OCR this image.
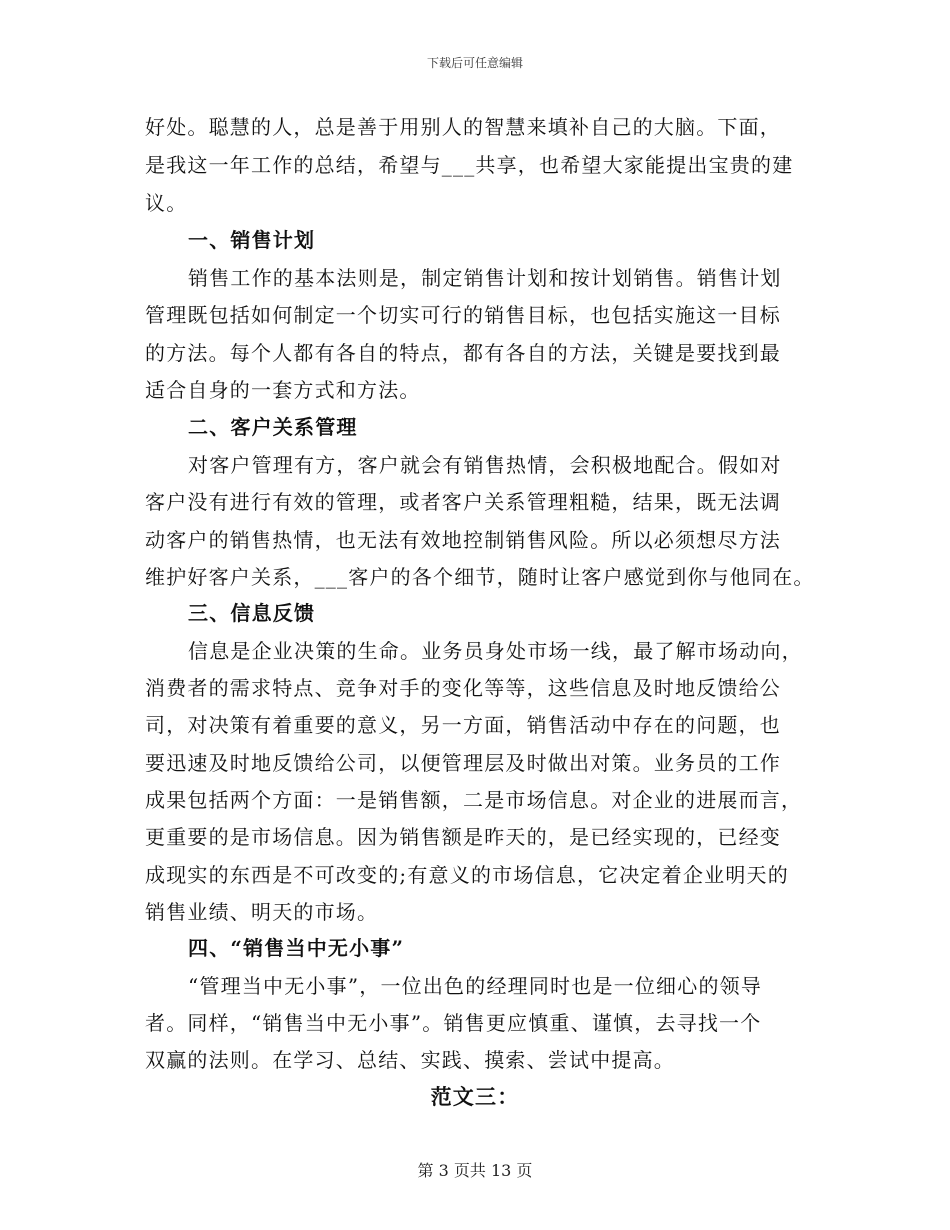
下载后可任意编辑
好处。聪慧的人，总是善于用别人的智慧来填补自己的大脑。下面，
是我这一年工作的总结，希望与___共享，也希望大家能提出宝贵的建
议。
一、销售计划
销售工作的基本法则是，制定销售计划和按计划销售。销售计划
管理既包括如何制定一个切实可行的销售目标，也包括实施这一目标
的方法。每个人都有各自的特点，都有各自的方法，关键是要找到最
适合自身的一套方式和方法。
二、客户关系管理
对客户管理有方，客户就会有销售热情，会积极地配合。假如对
客户没有进行有效的管理，或者客户关系管理粗糙，结果，既无法调
动客户的销售热情，也无法有效地控制销售风险。所以必须想尽方法
维护好客户关系，___客户的各个细节，随时让客户感觉到你与他同在。
三、信息反馈
信息是企业决策的生命。业务员身处市场一线，最了解市场动向，
消费者的需求特点、竞争对手的变化等等，这些信息及时地反馈给公
司，对决策有着重要的意义，另一方面，销售活动中存在的问题，也
要迅速及时地反馈给公司，以便管理层及时做出对策。业务员的工作
成果包括两个方面：一是销售额，二是市场信息。对企业的进展而言，
更重要的是市场信息。因为销售额是昨天的，是已经实现的，已经变
成现实的东西是不可改变的;有意义的市场信息，它决定着企业明天的
销售业绩、明天的市场。
四、“销售当中无小事”
“管理当中无小事”，一位出色的经理同时也是一位细心的领导
者。同样，“销售当中无小事”。销售更应慎重、谨慎，去寻找一个
双赢的法则。在学习、总结、实践、摸索、尝试中提高。
范文三：
第 3 页共 13 页
